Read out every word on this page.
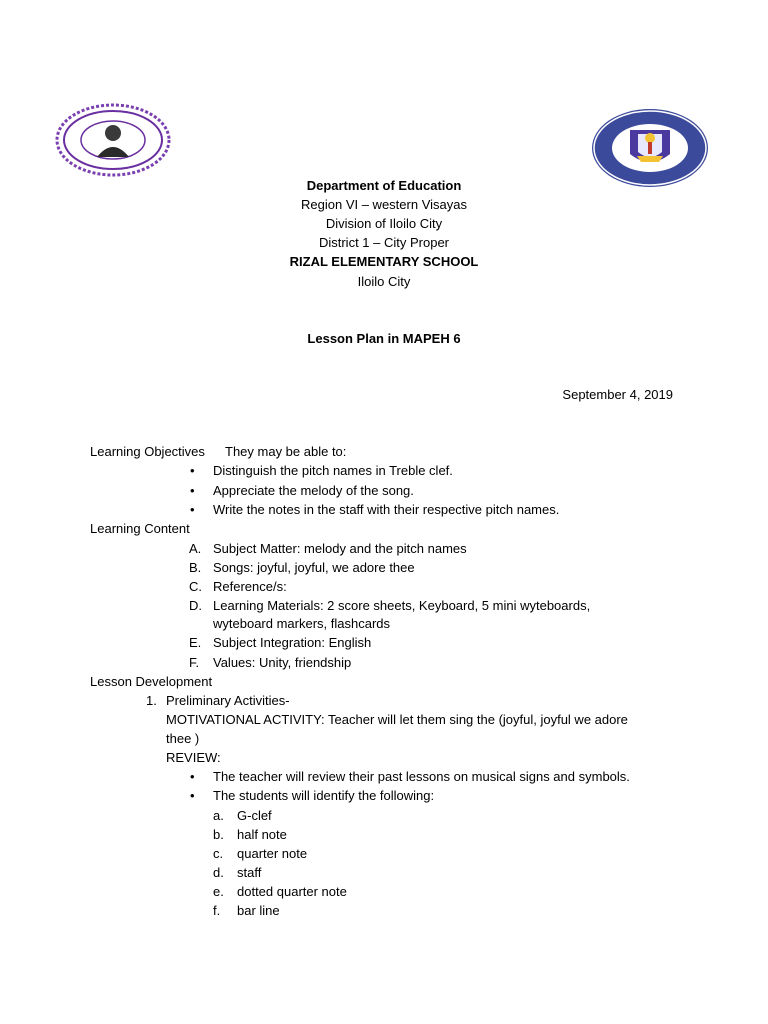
Department of Education
Region VI – western Visayas
Division of Iloilo City
District 1 – City Proper
RIZAL ELEMENTARY SCHOOL
Iloilo City
Lesson Plan in MAPEH 6
September 4, 2019
Learning Objectives They may be able to:
• Distinguish the pitch names in Treble clef.
• Appreciate the melody of the song.
• Write the notes in the staff with their respective pitch names.
Learning Content
A. Subject Matter: melody and the pitch names
B. Songs: joyful, joyful, we adore thee
C. Reference/s:
D. Learning Materials: 2 score sheets, Keyboard, 5 mini wyteboards,
wyteboard markers, flashcards
E. Subject Integration: English
F. Values: Unity, friendship
Lesson Development
1. Preliminary Activities-
MOTIVATIONAL ACTIVITY: Teacher will let them sing the (joyful, joyful we adore
thee )
REVIEW:
• The teacher will review their past lessons on musical signs and symbols.
• The students will identify the following:
a. G-clef
b. half note
c. quarter note
d. staff
e. dotted quarter note
f. bar line
